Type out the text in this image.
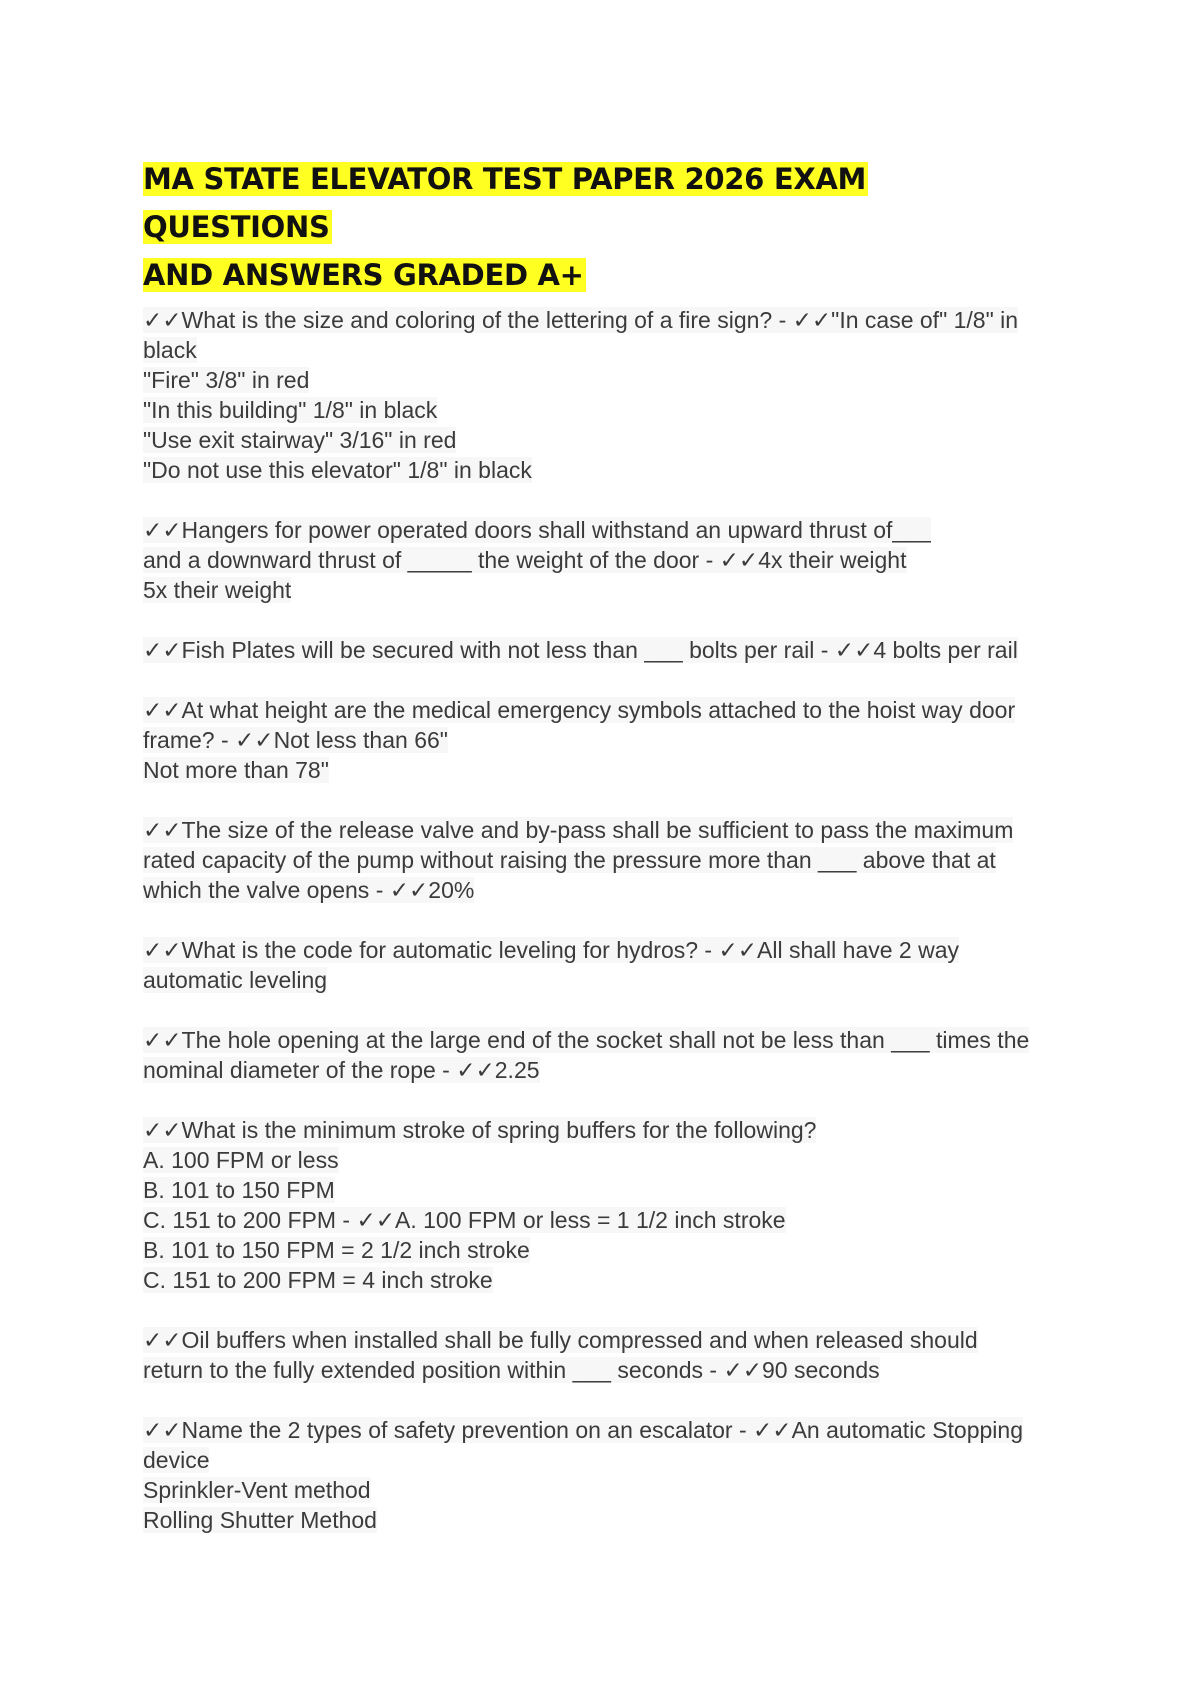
MA STATE ELEVATOR TEST PAPER 2026 EXAM QUESTIONS
AND ANSWERS GRADED A+
✓✓What is the size and coloring of the lettering of a fire sign? - ✓✓"In case of" 1/8" in
black
"Fire" 3/8" in red
"In this building" 1/8" in black
"Use exit stairway" 3/16" in red
"Do not use this elevator" 1/8" in black
✓✓Hangers for power operated doors shall withstand an upward thrust of___
and a downward thrust of _____ the weight of the door - ✓✓4x their weight
5x their weight
✓✓Fish Plates will be secured with not less than ___ bolts per rail - ✓✓4 bolts per rail
✓✓At what height are the medical emergency symbols attached to the hoist way door
frame? - ✓✓Not less than 66"
Not more than 78"
✓✓The size of the release valve and by-pass shall be sufficient to pass the maximum
rated capacity of the pump without raising the pressure more than ___ above that at
which the valve opens - ✓✓20%
✓✓What is the code for automatic leveling for hydros? - ✓✓All shall have 2 way
automatic leveling
✓✓The hole opening at the large end of the socket shall not be less than ___ times the
nominal diameter of the rope - ✓✓2.25
✓✓What is the minimum stroke of spring buffers for the following?
A. 100 FPM or less
B. 101 to 150 FPM
C. 151 to 200 FPM - ✓✓A. 100 FPM or less = 1 1/2 inch stroke
B. 101 to 150 FPM = 2 1/2 inch stroke
C. 151 to 200 FPM = 4 inch stroke
✓✓Oil buffers when installed shall be fully compressed and when released should
return to the fully extended position within ___ seconds - ✓✓90 seconds
✓✓Name the 2 types of safety prevention on an escalator - ✓✓An automatic Stopping
device
Sprinkler-Vent method
Rolling Shutter Method
